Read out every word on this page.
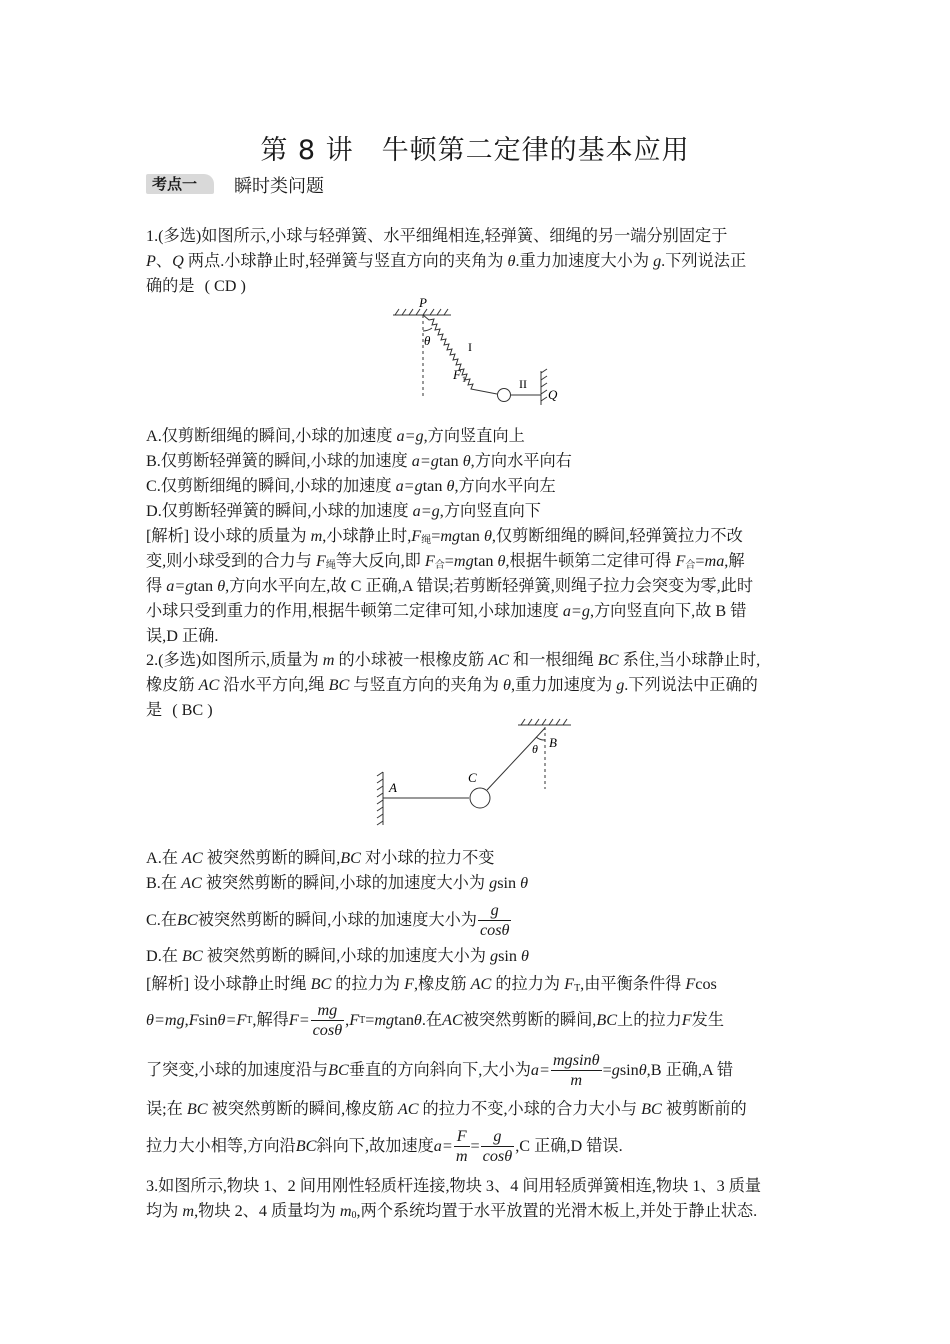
第 8 讲　牛顿第二定律的基本应用
考点一	瞬时类问题
1.(多选)如图所示,小球与轻弹簧、水平细绳相连,轻弹簧、细绳的另一端分别固定于
P、Q 两点.小球静止时,轻弹簧与竖直方向的夹角为 θ.重力加速度大小为 g.下列说法正
确的是 ( CD )
P
θ	I
F 1	II
Q
A.仅剪断细绳的瞬间,小球的加速度 a=g,方向竖直向上
B.仅剪断轻弹簧的瞬间,小球的加速度 a=gtan θ,方向水平向右
C.仅剪断细绳的瞬间,小球的加速度 a=gtan θ,方向水平向左
D.仅剪断轻弹簧的瞬间,小球的加速度 a=g,方向竖直向下
[解析] 设小球的质量为 m,小球静止时$,F_绳=mgtan$ θ,仅剪断细绳的瞬间,轻弹簧拉力不改
变,则小球受到的合力与 $F_绳$等大反向,即 $F_合=mgtan$ θ,根据牛顿第二定律可得 $F_合=ma$,解
得 a=gtan θ,方向水平向左,故 C 正确,A 错误;若剪断轻弹簧,则绳子拉力会突变为零,此时
小球只受到重力的作用,根据牛顿第二定律可知,小球加速度 a=g,方向竖直向下,故 B 错
误,D 正确.
2.(多选)如图所示,质量为 m 的小球被一根橡皮筋 AC 和一根细绳 BC 系住,当小球静止时,
橡皮筋 AC 沿水平方向,绳 BC 与竖直方向的夹角为 θ,重力加速度为 g.下列说法中正确的
是 ( BC )
A
C
B
θ
A.在 AC 被突然剪断的瞬间,BC 对小球的拉力不变
B.在 AC 被突然剪断的瞬间,小球的加速度大小为 gsin θ
C.在 BC 被突然剪断的瞬间,小球的加速度大小为 $\frac{g}{\cos\theta}$
D.在 BC 被突然剪断的瞬间,小球的加速度大小为 gsin θ
[解析] 设小球静止时绳 BC 的拉力为 F,橡皮筋 AC 的拉力为 $F_T$,由平衡条件得 Fcos
θ=mg , F sin θ=F T ,解得 $F= \frac{mg}{\cos\theta}$ , F T = mg tan θ .在 AC 被突然剪断的瞬间, BC 上的拉力 F 发生
了突变,小球的加速度沿与 BC 垂直的方向斜向下,大小为 $a= \frac{mgsin\theta}{m} = g$ sin θ ,B 正确,A 错
误;在 BC 被突然剪断的瞬间,橡皮筋 AC 的拉力不变,小球的合力大小与 BC 被剪断前的
拉力大小相等,方向沿 BC 斜向下,故加速度 $a= \frac{F}{m} = \frac{g}{\cos\theta} ,C$ 正确,D 错误.
3.如图所示,物块 1、2 间用刚性轻质杆连接,物块 3、4 间用轻质弹簧相连,物块 1、3 质量
均为 m,物块 2、4 质量均为 $m_0$,两个系统均置于水平放置的光滑木板上,并处于静止状态.
